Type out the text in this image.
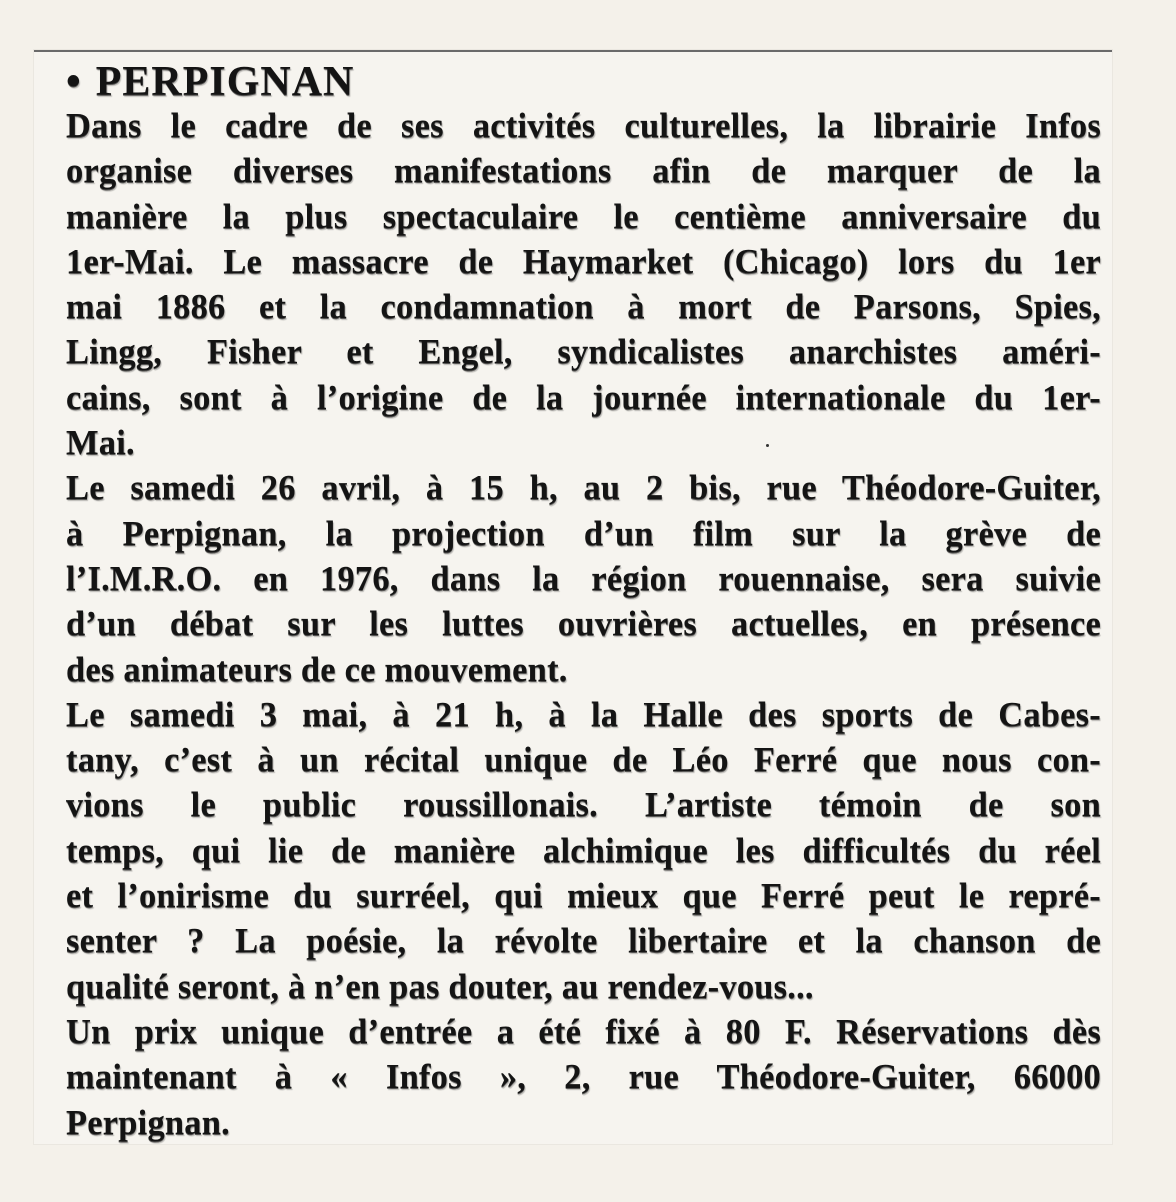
• PERPIGNAN

Dans le cadre de ses activités culturelles, la librairie Infos
organise diverses manifestations afin de marquer de la
manière la plus spectaculaire le centième anniversaire du
1er-Mai. Le massacre de Haymarket (Chicago) lors du 1er
mai 1886 et la condamnation à mort de Parsons, Spies,
Lingg, Fisher et Engel, syndicalistes anarchistes améri-
cains, sont à l’origine de la journée internationale du 1er-
Mai.

Le samedi 26 avril, à 15 h, au 2 bis, rue Théodore-Guiter,
à Perpignan, la projection d’un film sur la grève de
l’I.M.R.O. en 1976, dans la région rouennaise, sera suivie
d’un débat sur les luttes ouvrières actuelles, en présence
des animateurs de ce mouvement.

Le samedi 3 mai, à 21 h, à la Halle des sports de Cabes-
tany, c’est à un récital unique de Léo Ferré que nous con-
vions le public roussillonais. L’artiste témoin de son
temps, qui lie de manière alchimique les difficultés du réel
et l’onirisme du surréel, qui mieux que Ferré peut le repré-
senter ? La poésie, la révolte libertaire et la chanson de
qualité seront, à n’en pas douter, au rendez-vous...

Un prix unique d’entrée a été fixé à 80 F. Réservations dès
maintenant à « Infos », 2, rue Théodore-Guiter, 66000
Perpignan.
